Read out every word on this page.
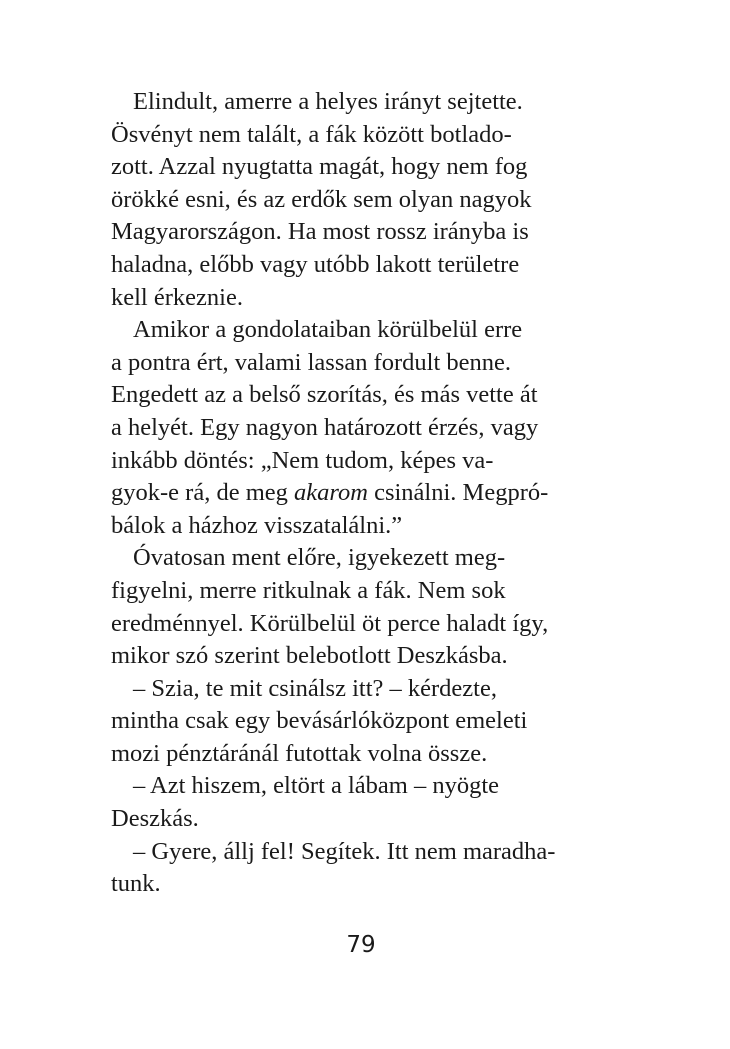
Elindult, amerre a helyes irányt sejtette.
Ösvényt nem talált, a fák között botlado-
zott. Azzal nyugtatta magát, hogy nem fog
örökké esni, és az erdők sem olyan nagyok
Magyarországon. Ha most rossz irányba is
haladna, előbb vagy utóbb lakott területre
kell érkeznie.
Amikor a gondolataiban körülbelül erre
a pontra ért, valami lassan fordult benne.
Engedett az a belső szorítás, és más vette át
a helyét. Egy nagyon határozott érzés, vagy
inkább döntés: „Nem tudom, képes va-
gyok-e rá, de meg akarom csinálni. Megpró-
bálok a házhoz visszatalálni.”
Óvatosan ment előre, igyekezett meg-
figyelni, merre ritkulnak a fák. Nem sok
eredménnyel. Körülbelül öt perce haladt így,
mikor szó szerint belebotlott Deszkásba.
– Szia, te mit csinálsz itt? – kérdezte,
mintha csak egy bevásárlóközpont emeleti
mozi pénztáránál futottak volna össze.
– Azt hiszem, eltört a lábam – nyögte
Deszkás.
– Gyere, állj fel! Segítek. Itt nem maradha-
tunk.
79
